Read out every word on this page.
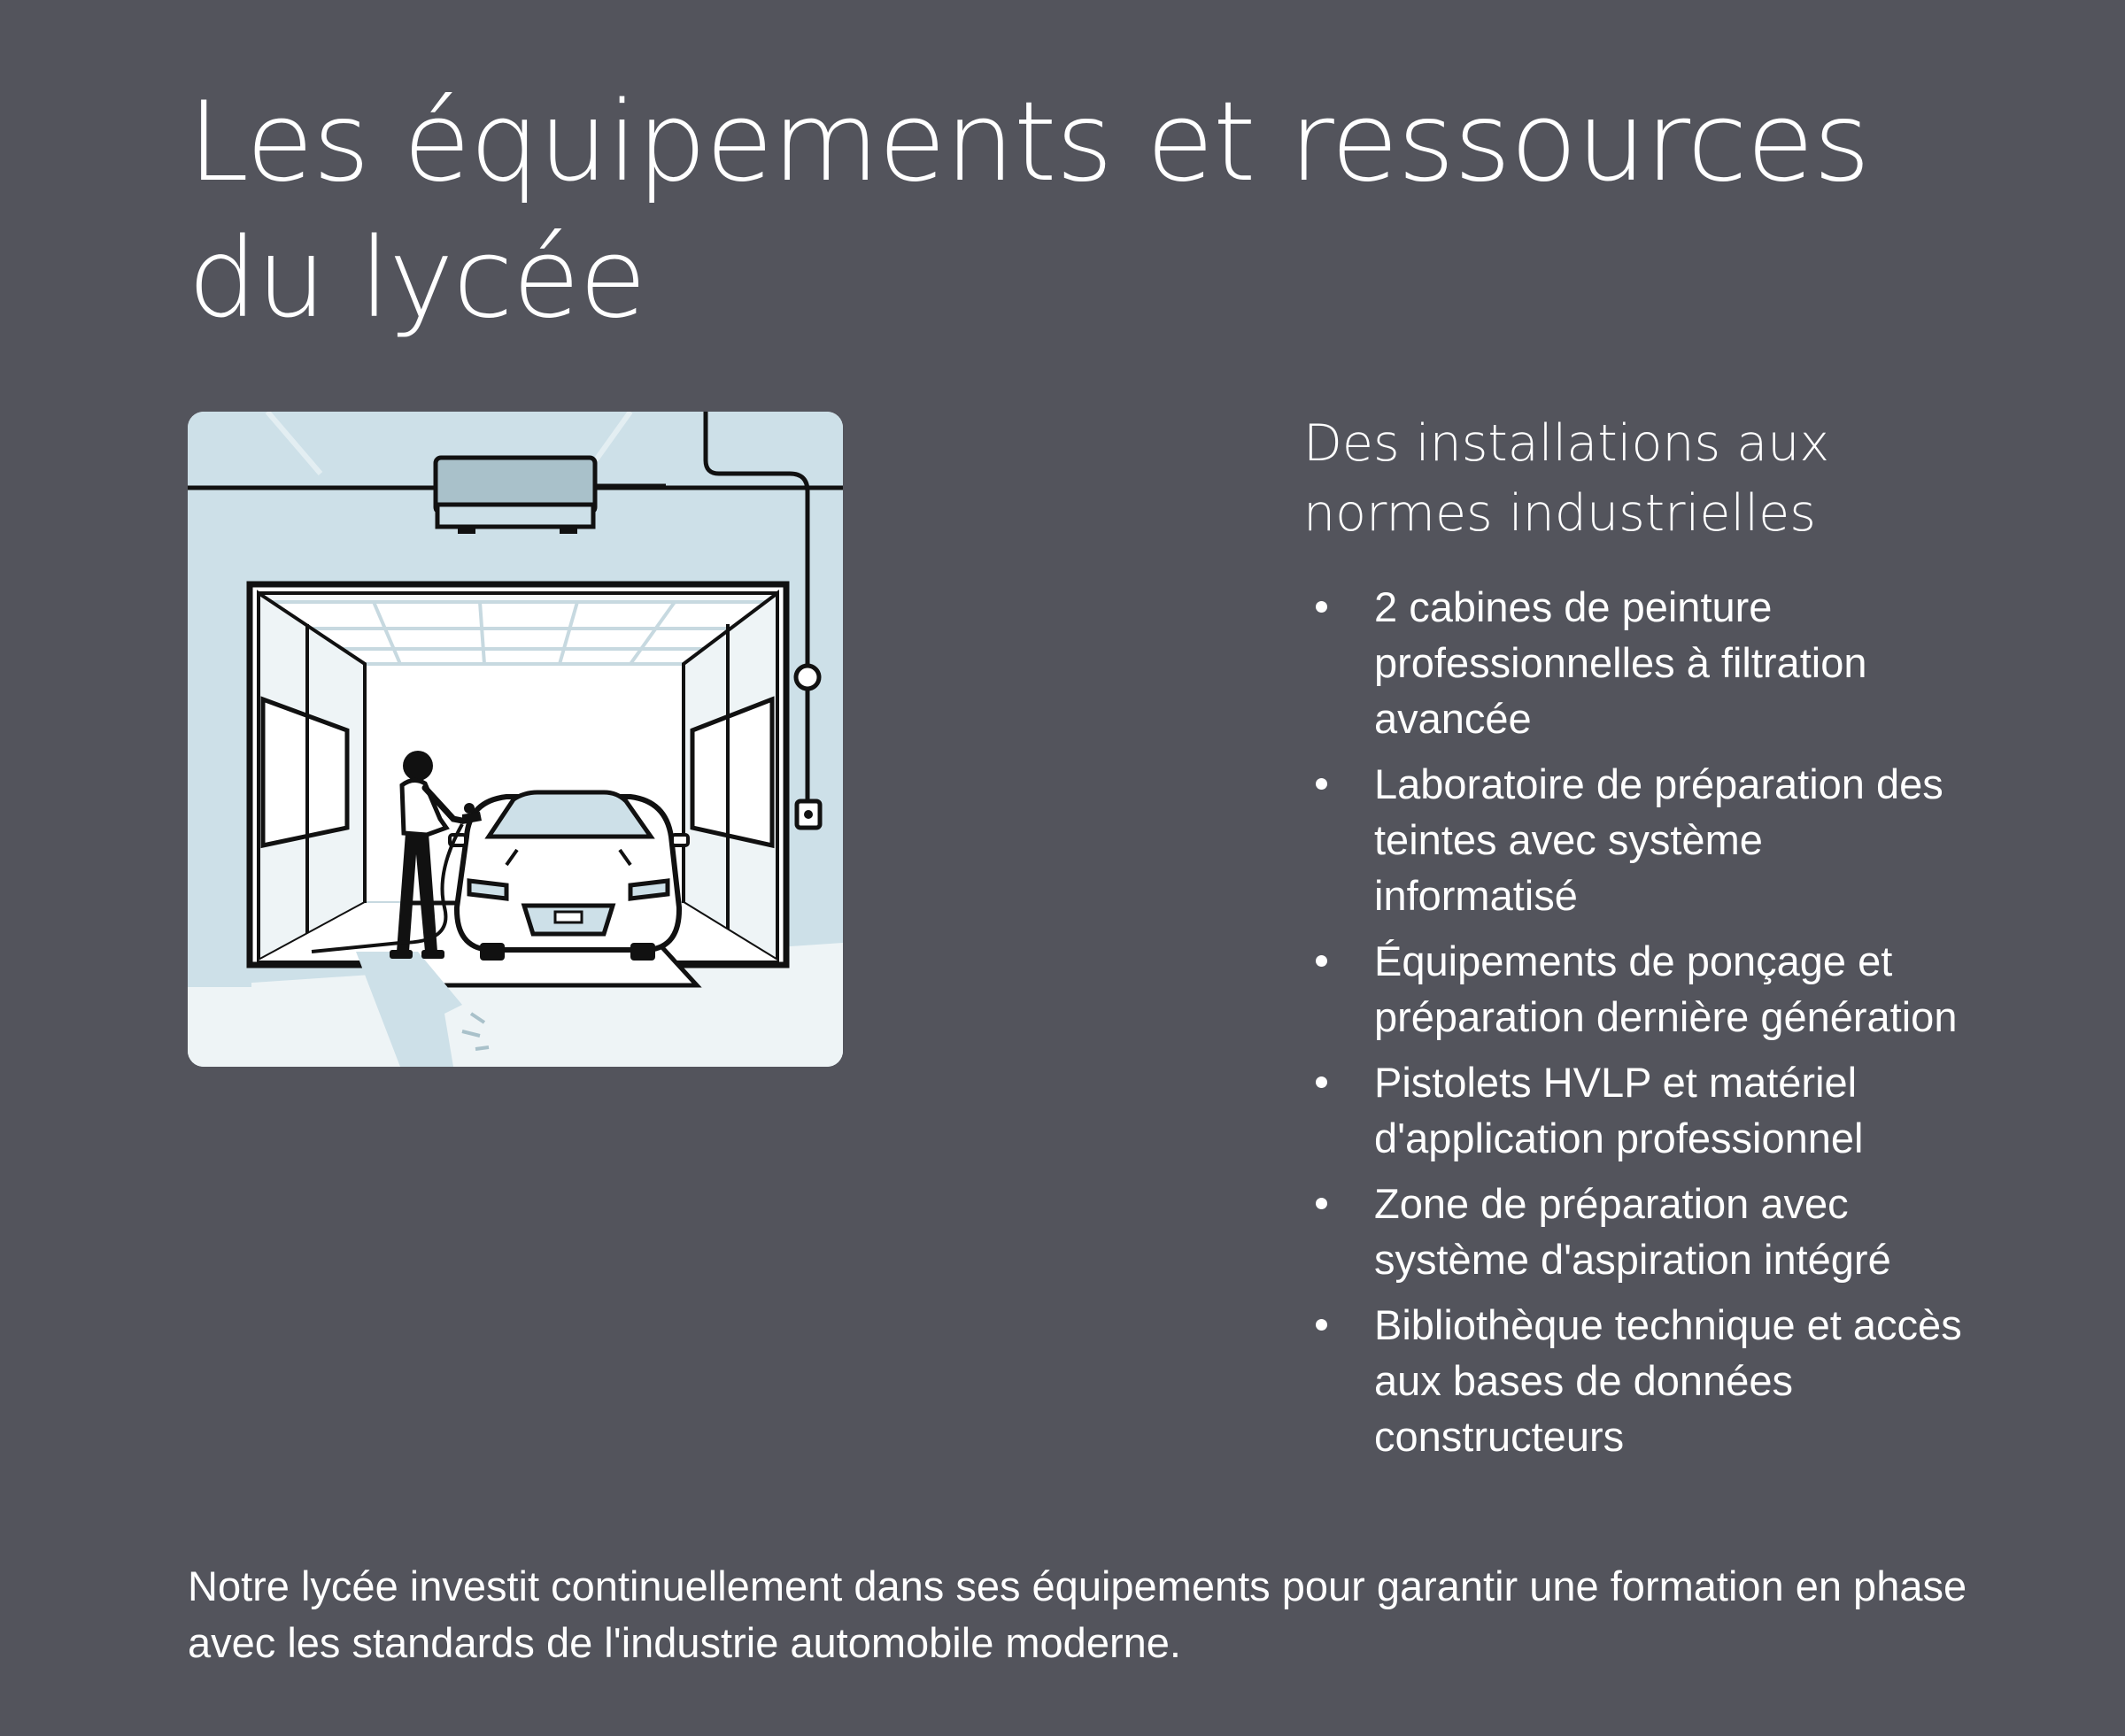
Les équipements et ressources du lycée
Des installations aux normes industrielles
2 cabines de peinture professionnelles à filtration avancée
Laboratoire de préparation des teintes avec système informatisé
Équipements de ponçage et préparation dernière génération
Pistolets HVLP et matériel d'application professionnel
Zone de préparation avec système d'aspiration intégré
Bibliothèque technique et accès aux bases de données constructeurs

Notre lycée investit continuellement dans ses équipements pour garantir une formation en phase avec les standards de l'industrie automobile moderne.
